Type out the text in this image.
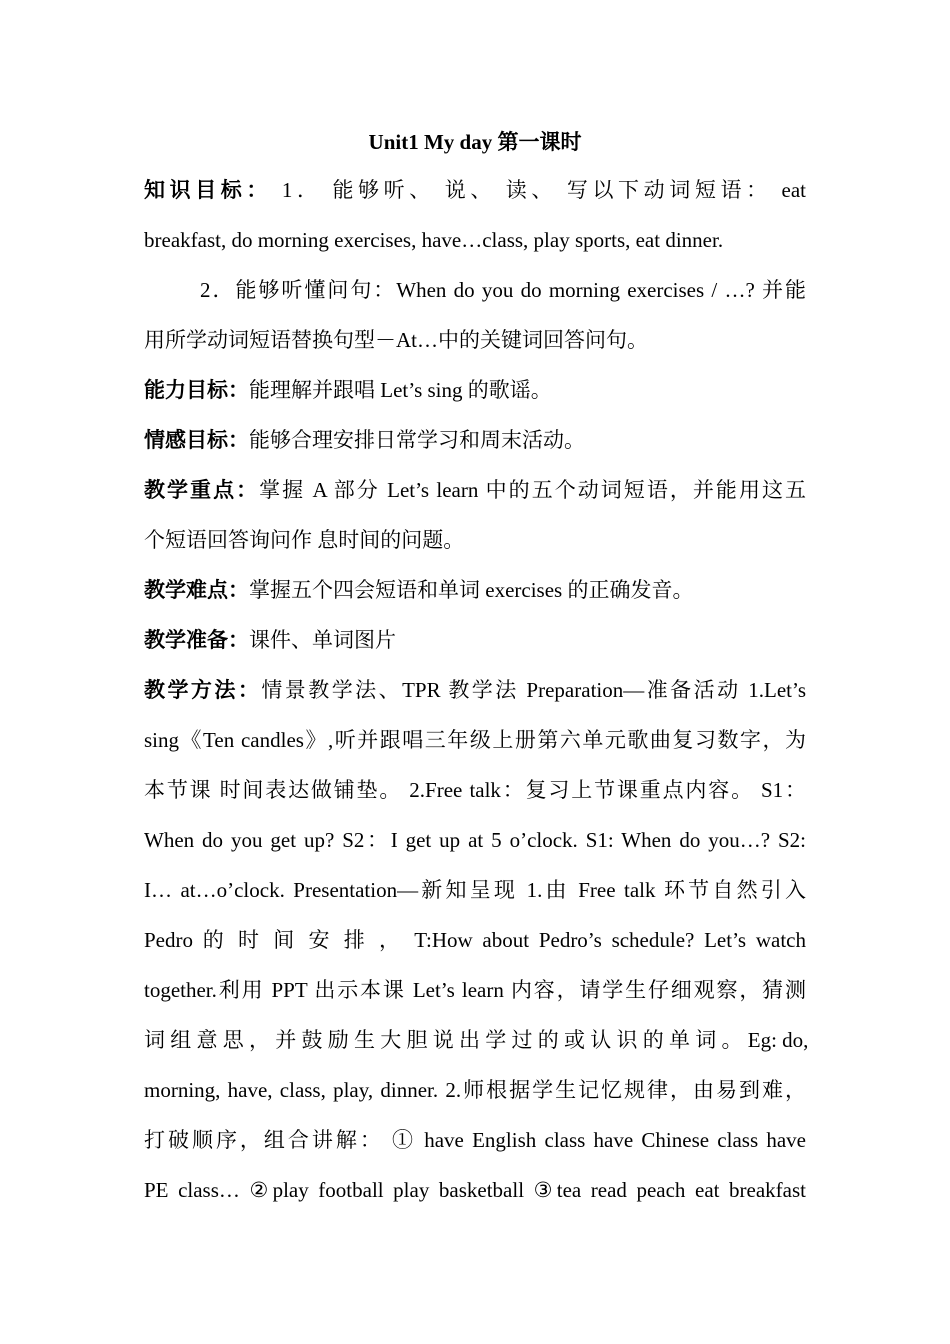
Unit1 My day 第一课时
知识目标： 1． 能够听、 说、 读、 写以下动词短语： eat
breakfast, do morning exercises, have…class, play sports, eat dinner.
2．能够听懂问句：When do you do morning exercises / …? 并能
用所学动词短语替换句型－At…中的关键词回答问句。
能力目标：能理解并跟唱 Let’s sing 的歌谣。
情感目标：能够合理安排日常学习和周末活动。
教学重点：掌握 A 部分 Let’s learn 中的五个动词短语，并能用这五
个短语回答询问作 息时间的问题。
教学难点：掌握五个四会短语和单词 exercises 的正确发音。
教学准备：课件、单词图片
教学方法：情景教学法、TPR 教学法 Preparation—准备活动 1.Let’s
sing《Ten candles》,听并跟唱三年级上册第六单元歌曲复习数字，为
本节课 时间表达做铺垫。 2.Free talk：复习上节课重点内容。 S1：
When do you get up? S2：I get up at 5 o’clock. S1: When do you…? S2:
I… at…o’clock. Presentation—新知呈现 1.由 Free talk 环节自然引入
Pedro 的 时 间 安 排 ， T:How about Pedro’s schedule? Let’s watch
together.利用 PPT 出示本课 Let’s learn 内容，请学生仔细观察，猜测
词 组 意 思 ， 并 鼓 励 生 大 胆 说 出 学 过 的 或 认 识 的 单 词 。 Eg: do,
morning, have, class, play, dinner. 2.师根据学生记忆规律，由易到难，
打破顺序，组合讲解： ① have English class have Chinese class have
PE class… ②play football play basketball ③tea read peach eat breakfast
